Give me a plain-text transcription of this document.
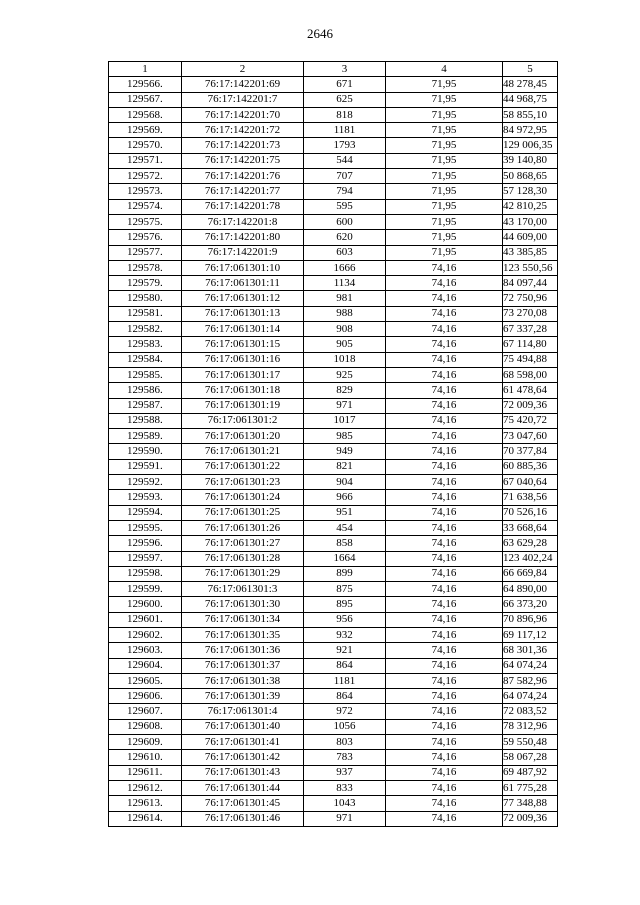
2646
1	2	3	4	5
129566.	76:17:142201:69	671	71,95	48 278,45
129567.	76:17:142201:7	625	71,95	44 968,75
129568.	76:17:142201:70	818	71,95	58 855,10
129569.	76:17:142201:72	1181	71,95	84 972,95
129570.	76:17:142201:73	1793	71,95	129 006,35
129571.	76:17:142201:75	544	71,95	39 140,80
129572.	76:17:142201:76	707	71,95	50 868,65
129573.	76:17:142201:77	794	71,95	57 128,30
129574.	76:17:142201:78	595	71,95	42 810,25
129575.	76:17:142201:8	600	71,95	43 170,00
129576.	76:17:142201:80	620	71,95	44 609,00
129577.	76:17:142201:9	603	71,95	43 385,85
129578.	76:17:061301:10	1666	74,16	123 550,56
129579.	76:17:061301:11	1134	74,16	84 097,44
129580.	76:17:061301:12	981	74,16	72 750,96
129581.	76:17:061301:13	988	74,16	73 270,08
129582.	76:17:061301:14	908	74,16	67 337,28
129583.	76:17:061301:15	905	74,16	67 114,80
129584.	76:17:061301:16	1018	74,16	75 494,88
129585.	76:17:061301:17	925	74,16	68 598,00
129586.	76:17:061301:18	829	74,16	61 478,64
129587.	76:17:061301:19	971	74,16	72 009,36
129588.	76:17:061301:2	1017	74,16	75 420,72
129589.	76:17:061301:20	985	74,16	73 047,60
129590.	76:17:061301:21	949	74,16	70 377,84
129591.	76:17:061301:22	821	74,16	60 885,36
129592.	76:17:061301:23	904	74,16	67 040,64
129593.	76:17:061301:24	966	74,16	71 638,56
129594.	76:17:061301:25	951	74,16	70 526,16
129595.	76:17:061301:26	454	74,16	33 668,64
129596.	76:17:061301:27	858	74,16	63 629,28
129597.	76:17:061301:28	1664	74,16	123 402,24
129598.	76:17:061301:29	899	74,16	66 669,84
129599.	76:17:061301:3	875	74,16	64 890,00
129600.	76:17:061301:30	895	74,16	66 373,20
129601.	76:17:061301:34	956	74,16	70 896,96
129602.	76:17:061301:35	932	74,16	69 117,12
129603.	76:17:061301:36	921	74,16	68 301,36
129604.	76:17:061301:37	864	74,16	64 074,24
129605.	76:17:061301:38	1181	74,16	87 582,96
129606.	76:17:061301:39	864	74,16	64 074,24
129607.	76:17:061301:4	972	74,16	72 083,52
129608.	76:17:061301:40	1056	74,16	78 312,96
129609.	76:17:061301:41	803	74,16	59 550,48
129610.	76:17:061301:42	783	74,16	58 067,28
129611.	76:17:061301:43	937	74,16	69 487,92
129612.	76:17:061301:44	833	74,16	61 775,28
129613.	76:17:061301:45	1043	74,16	77 348,88
129614.	76:17:061301:46	971	74,16	72 009,36
